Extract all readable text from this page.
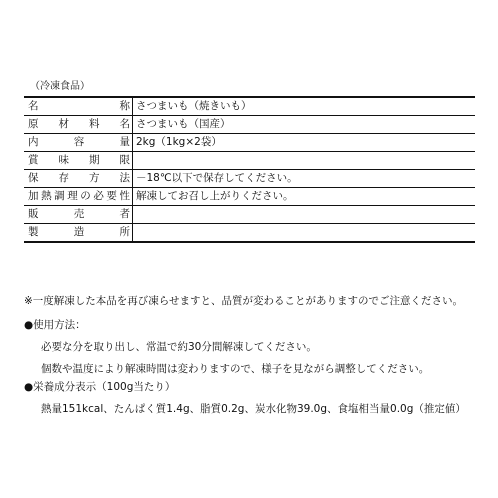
（冷凍食品）
名 称	さつまいも（焼きいも）

原 材 料 名	さつまいも（国産）

内 容 量	2kg（1kg×2袋）

賞 味 期 限	

保 存 方 法	－18℃以下で保存してください。

加熱調理の必要性	解凍してお召し上がりください。

販 売 者	

製 造 所	

※一度解凍した本品を再び凍らせますと、品質が変わることがありますのでご注意ください。
●使用方法：
必要な分を取り出し、常温で約30分間解凍してください。
個数や温度により解凍時間は変わりますので、様子を見ながら調整してください。
●栄養成分表示（100g当たり）
熱量151kcal、たんぱく質1.4g、脂質0.2g、炭水化物39.0g、食塩相当量0.0g（推定値）
